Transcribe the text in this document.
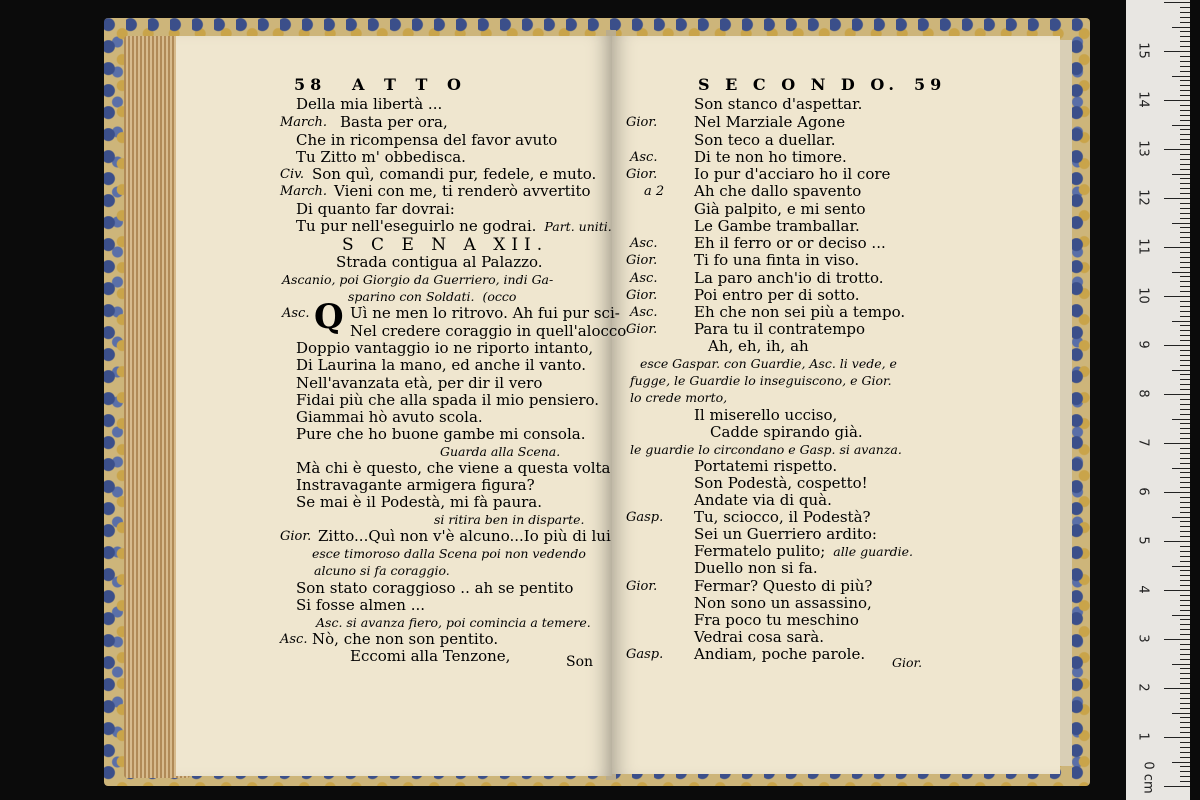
58 A T T O	S E C O N D O. 59
Q
Della mia libertà ...
March. Basta per ora,
Che in ricompensa del favor avuto
Tu Zitto m' obbedisca.
Civ. Son quì, comandi pur, fedele, e muto.
March. Vieni con me, ti renderò avvertito
Di quanto far dovrai:
Tu pur nell'eseguirlo ne godrai. Part. uniti.
S C E N A XII.
Strada contigua al Palazzo.
Ascanio, poi Giorgio da Guerriero, indi Ga-
sparino con Soldati. (occo
Asc.	Uì ne men lo ritrovo. Ah fui pur sci-
Nel credere coraggio in quell'alocco
Doppio vantaggio io ne riporto intanto,
Di Laurina la mano, ed anche il vanto.
Nell'avanzata età, per dir il vero
Fidai più che alla spada il mio pensiero.
Giammai hò avuto scola.
Pure che ho buone gambe mi consola.
Guarda alla Scena.
Mà chi è questo, che viene a questa volta
Instravagante armigera figura?
Se mai è il Podestà, mi fà paura.
si ritira ben in disparte.
Gior. Zitto...Quì non v'è alcuno...Io più di lui
esce timoroso dalla Scena poi non vedendo
alcuno si fa coraggio.
Son stato coraggioso .. ah se pentito
Si fosse almen ...
Asc. si avanza fiero, poi comincia a temere.
Asc. Nò, che non son pentito.
Eccomi alla Tenzone,
Son stanco d'aspettar.
Gior. Nel Marziale Agone
Son teco a duellar.
Asc. Di te non ho timore.
Gior. Io pur d'acciaro ho il core
a 2 Ah che dallo spavento
Già palpito, e mi sento
Le Gambe tramballar.
Asc. Eh il ferro or or deciso ...
Gior. Ti fo una finta in viso.
Asc. La paro anch'io di trotto.
Gior. Poi entro per di sotto.
Asc. Eh che non sei più a tempo.
Gior. Para tu il contratempo
Ah, eh, ih, ah
esce Gaspar. con Guardie, Asc. li vede, e
fugge, le Guardie lo inseguiscono, e Gior.
lo crede morto,
Il miserello ucciso,
Cadde spirando già.
le guardie lo circondano e Gasp. si avanza.
Portatemi rispetto.
Son Podestà, cospetto!
Andate via di quà.
Gasp. Tu, sciocco, il Podestà?
Sei un Guerriero ardito:
Fermatelo pulito; alle guardie.
Duello non si fa.
Gior. Fermar? Questo di più?
Non sono un assassino,
Fra poco tu meschino
Vedrai cosa sarà.
Gasp. Andiam, poche parole.
Son	Gior.
0 cm
1
2
3
4
5
6
7
8
9
10
11
12
13
14
15
